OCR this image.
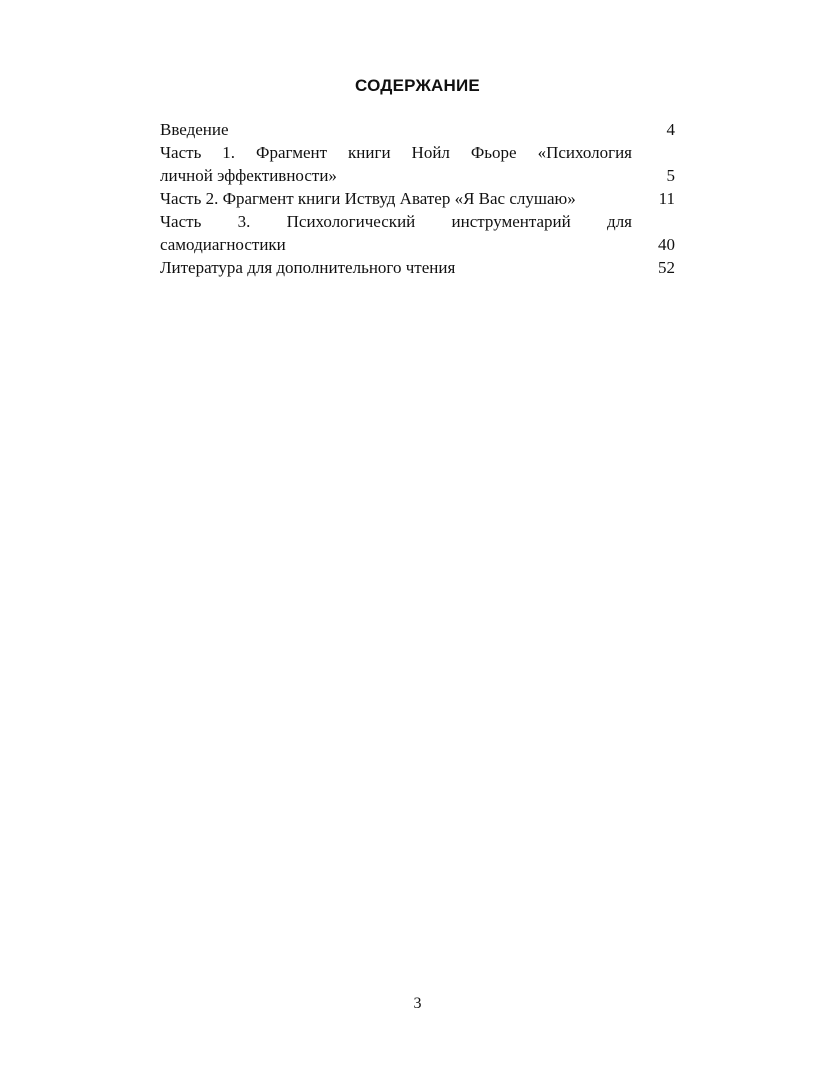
СОДЕРЖАНИЕ
Введение	4
Часть 1. Фрагмент книги Нойл Фьоре «Психология
личной эффективности»	5
Часть 2. Фрагмент книги Иствуд Аватер «Я Вас слушаю»	11
Часть 3. Психологический инструментарий для
самодиагностики	40
Литература для дополнительного чтения	52
3
